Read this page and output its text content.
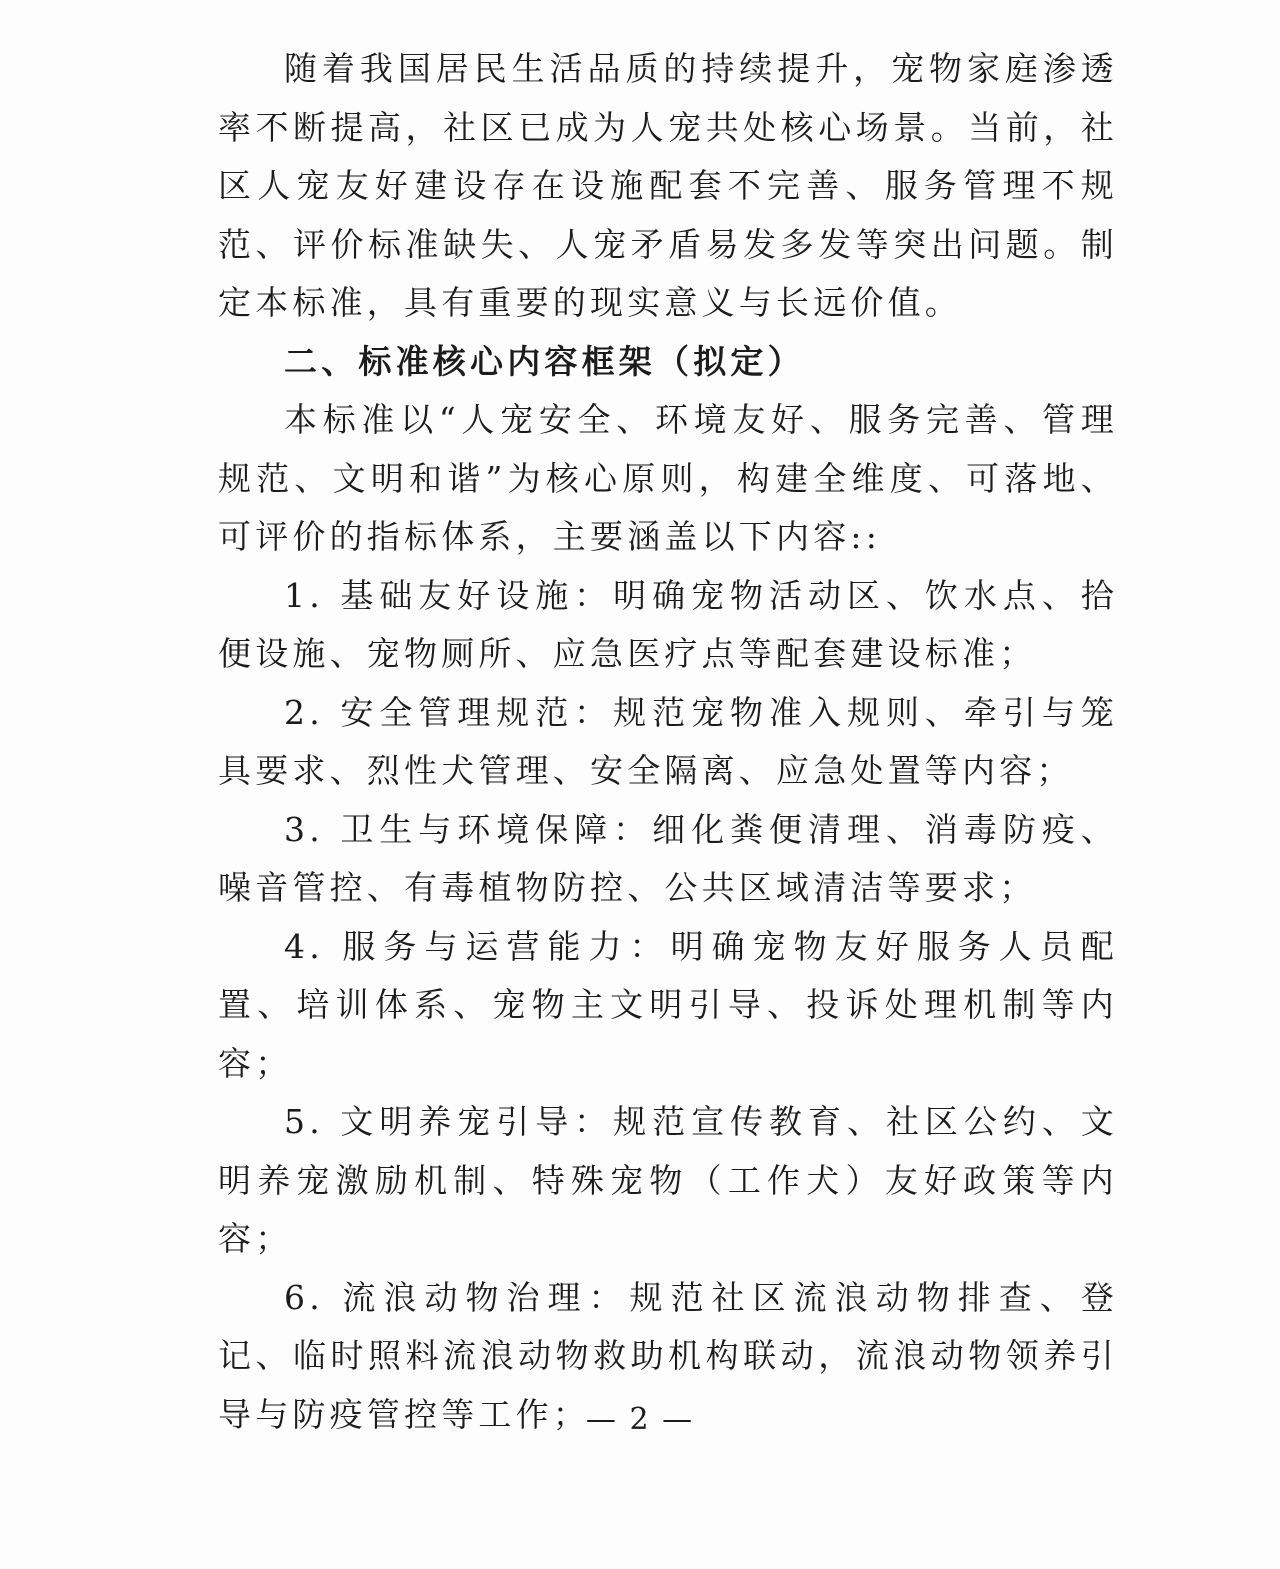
随着我国居民生活品质的持续提升，宠物家庭渗透率不断提高，社区已成为人宠共处核心场景。当前，社区人宠友好建设存在设施配套不完善、服务管理不规范、评价标准缺失、人宠矛盾易发多发等突出问题。制定本标准，具有重要的现实意义与长远价值。

二、标准核心内容框架（拟定）

本标准以“人宠安全、环境友好、服务完善、管理规范、文明和谐”为核心原则，构建全维度、可落地、可评价的指标体系，主要涵盖以下内容::

1. 基础友好设施：明确宠物活动区、饮水点、拾便设施、宠物厕所、应急医疗点等配套建设标准；

2. 安全管理规范：规范宠物准入规则、牵引与笼具要求、烈性犬管理、安全隔离、应急处置等内容；

3. 卫生与环境保障：细化粪便清理、消毒防疫、噪音管控、有毒植物防控、公共区域清洁等要求；

4. 服务与运营能力：明确宠物友好服务人员配置、培训体系、宠物主文明引导、投诉处理机制等内容；

5. 文明养宠引导：规范宣传教育、社区公约、文明养宠激励机制、特殊宠物（工作犬）友好政策等内容；

6. 流浪动物治理：规范社区流浪动物排查、登记、临时照料流浪动物救助机构联动，流浪动物领养引导与防疫管控等工作；

— 2 —
